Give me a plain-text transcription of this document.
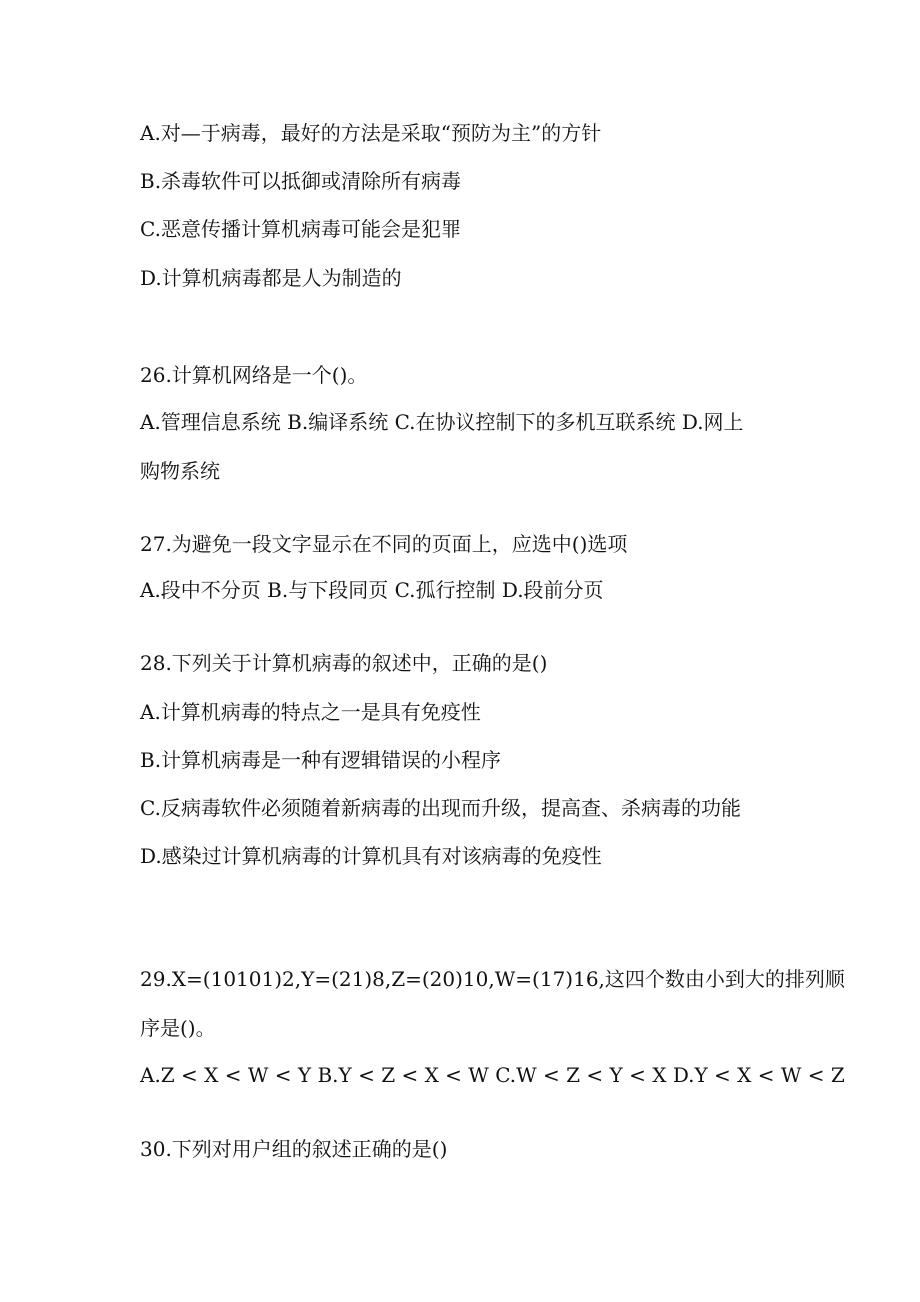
A.对—于病毒，最好的方法是采取“预防为主”的方针
B.杀毒软件可以抵御或清除所有病毒
C.恶意传播计算机病毒可能会是犯罪
D.计算机病毒都是人为制造的
26.计算机网络是一个()。
A.管理信息系统 B.编译系统 C.在协议控制下的多机互联系统 D.网上
购物系统
27.为避免一段文字显示在不同的页面上，应选中()选项
A.段中不分页 B.与下段同页 C.孤行控制 D.段前分页
28.下列关于计算机病毒的叙述中，正确的是()
A.计算机病毒的特点之一是具有免疫性
B.计算机病毒是一种有逻辑错误的小程序
C.反病毒软件必须随着新病毒的出现而升级，提高查、杀病毒的功能
D.感染过计算机病毒的计算机具有对该病毒的免疫性
29.X=(10101)2,Y=(21)8,Z=(20)10,W=(17)16,这四个数由小到大的排列顺
序是()。
A.Z < X < W < Y B.Y < Z < X < W C.W < Z < Y < X D.Y < X < W < Z
30.下列对用户组的叙述正确的是()
